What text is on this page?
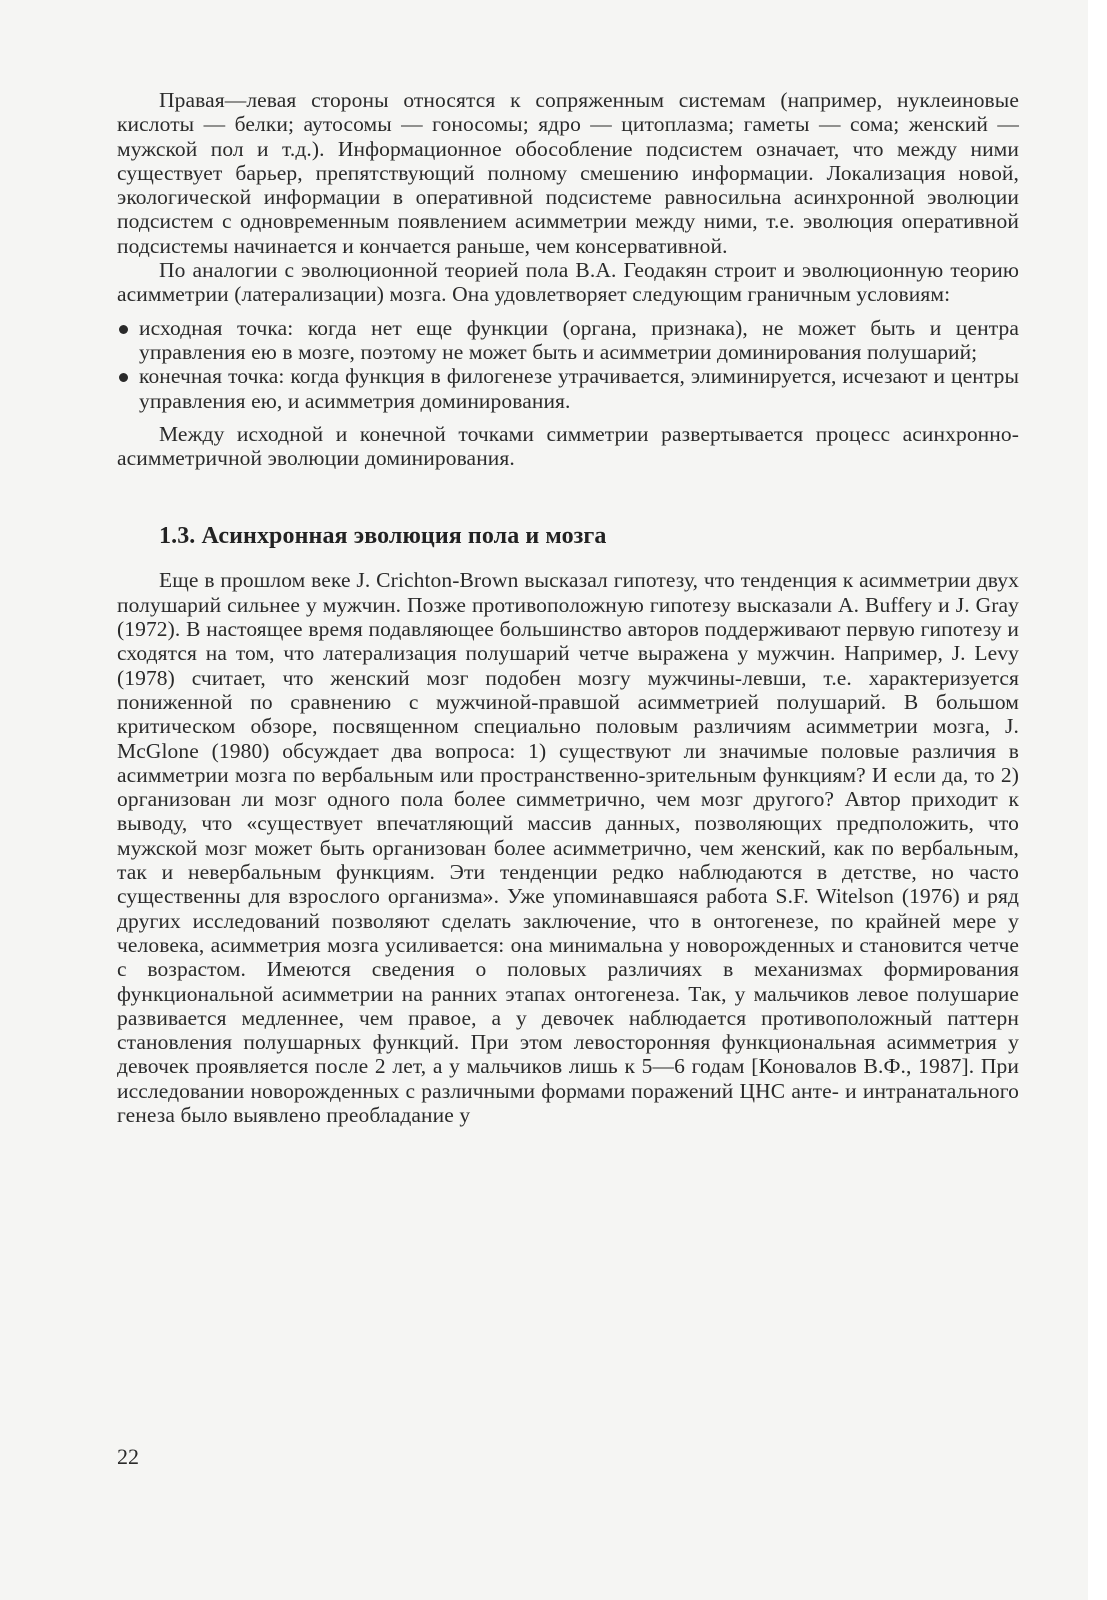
Правая—левая стороны относятся к сопряженным системам (например, нуклеиновые кислоты — белки; аутосомы — гоносомы; ядро — цитоплазма; гаметы — сома; женский — мужской пол и т.д.). Информационное обособление подсистем означает, что между ними существует барьер, препятствующий полному смешению информации. Локализация новой, экологической информации в оперативной подсистеме равносильна асинхронной эволюции подсистем с одновременным появлением асимметрии между ними, т.е. эволюция оперативной подсистемы начинается и кончается раньше, чем консервативной.

По аналогии с эволюционной теорией пола В.А. Геодакян строит и эволюционную теорию асимметрии (латерализации) мозга. Она удовлетворяет следующим граничным условиям:

исходная точка: когда нет еще функции (органа, признака), не может быть и центра управления ею в мозге, поэтому не может быть и асимметрии доминирования полушарий;
конечная точка: когда функция в филогенезе утрачивается, элиминируется, исчезают и центры управления ею, и асимметрия доминирования.

Между исходной и конечной точками симметрии развертывается процесс асинхронно-асимметричной эволюции доминирования.

1.3. Асинхронная эволюция пола и мозга

Еще в прошлом веке J. Crichton-Brown высказал гипотезу, что тенденция к асимметрии двух полушарий сильнее у мужчин. Позже противоположную гипотезу высказали A. Buffery и J. Gray (1972). В настоящее время подавляющее большинство авторов поддерживают первую гипотезу и сходятся на том, что латерализация полушарий четче выражена у мужчин. Например, J. Levy (1978) считает, что женский мозг подобен мозгу мужчины-левши, т.е. характеризуется пониженной по сравнению с мужчиной-правшой асимметрией полушарий. В большом критическом обзоре, посвященном специально половым различиям асимметрии мозга, J. McGlone (1980) обсуждает два вопроса: 1) существуют ли значимые половые различия в асимметрии мозга по вербальным или пространственно-зрительным функциям? И если да, то 2) организован ли мозг одного пола более симметрично, чем мозг другого? Автор приходит к выводу, что «существует впечатляющий массив данных, позволяющих предположить, что мужской мозг может быть организован более асимметрично, чем женский, как по вербальным, так и невербальным функциям. Эти тенденции редко наблюдаются в детстве, но часто существенны для взрослого организма». Уже упоминавшаяся работа S.F. Witelson (1976) и ряд других исследований позволяют сделать заключение, что в онтогенезе, по крайней мере у человека, асимметрия мозга усиливается: она минимальна у новорожденных и становится четче с возрастом. Имеются сведения о половых различиях в механизмах формирования функциональной асимметрии на ранних этапах онтогенеза. Так, у мальчиков левое полушарие развивается медленнее, чем правое, а у девочек наблюдается противоположный паттерн становления полушарных функций. При этом левосторонняя функциональная асимметрия у девочек проявляется после 2 лет, а у мальчиков лишь к 5—6 годам [Коновалов В.Ф., 1987]. При исследовании новорожденных с различными формами поражений ЦНС анте- и интранатального генеза было выявлено преобладание у

22
